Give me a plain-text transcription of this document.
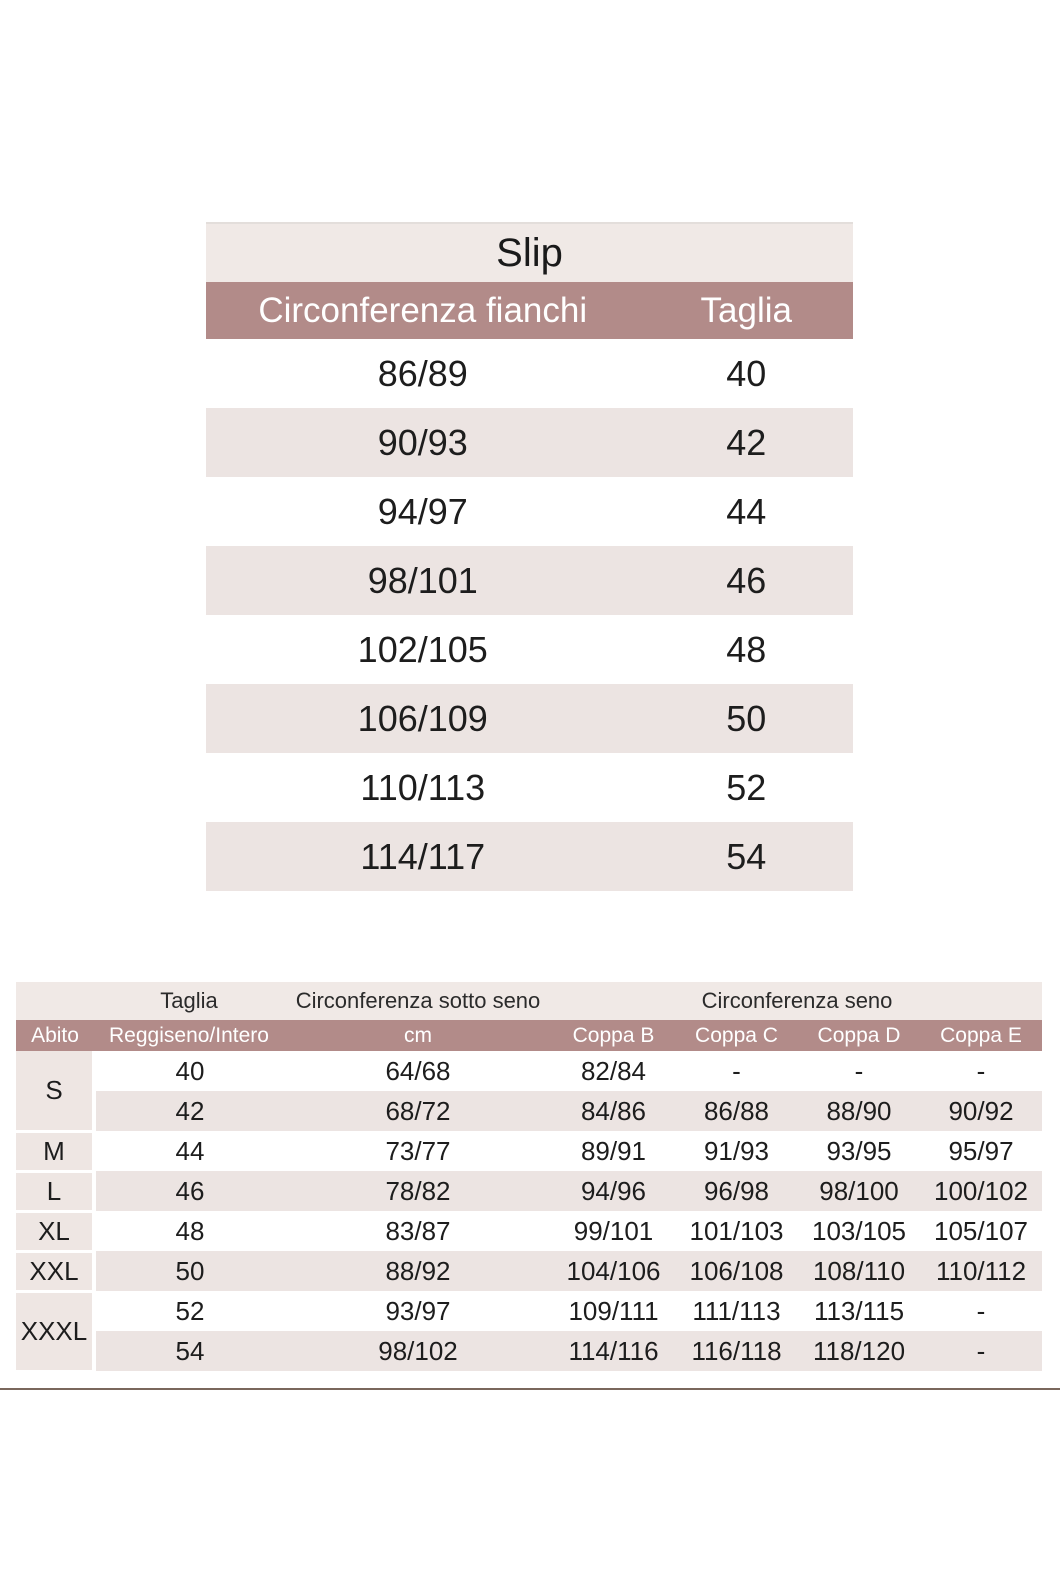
Slip	
Circonferenza fianchi	Taglia
86/89	40
90/93	42
94/97	44
98/101	46
102/105	48
106/109	50
110/113	52
114/117	54
	Taglia	Circonferenza sotto seno	Circonferenza seno			
Abito	Reggiseno/Intero	cm	Coppa B	Coppa C	Coppa D	Coppa E
S	40	64/68	82/84	-	-	-
	42	68/72	84/86	86/88	88/90	90/92
M	44	73/77	89/91	91/93	93/95	95/97
L	46	78/82	94/96	96/98	98/100	100/102
XL	48	83/87	99/101	101/103	103/105	105/107
XXL	50	88/92	104/106	106/108	108/110	110/112
XXXL	52	93/97	109/111	111/113	113/115	-
	54	98/102	114/116	116/118	118/120	-
